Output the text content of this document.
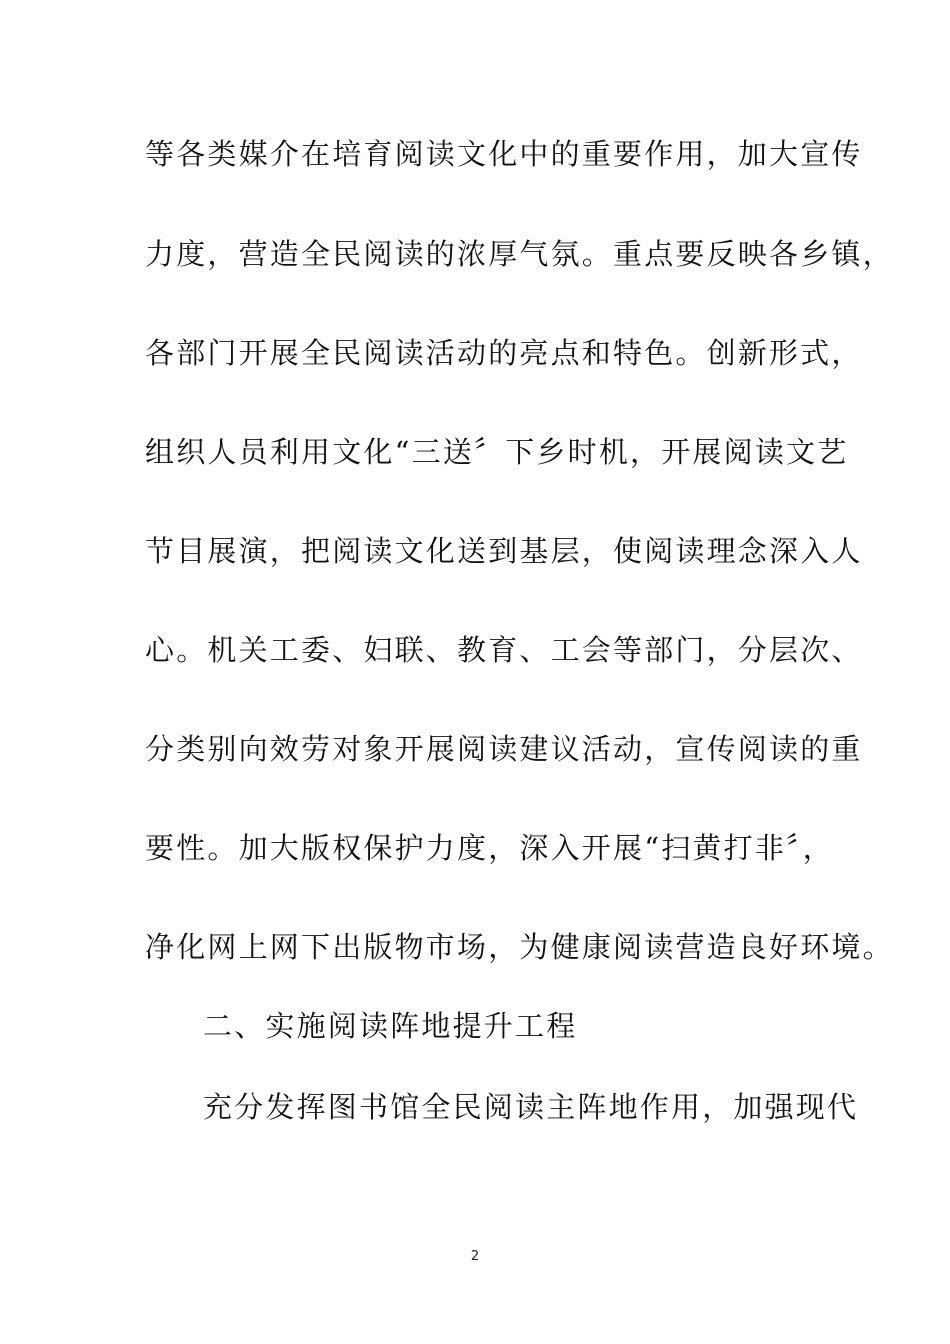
等各类媒介在培育阅读文化中的重要作用，加大宣传
力度，营造全民阅读的浓厚气氛。重点要反映各乡镇，
各部门开展全民阅读活动的亮点和特色。创新形式，
组织人员利用文化“三送〞下乡时机，开展阅读文艺
节目展演，把阅读文化送到基层，使阅读理念深入人
心。机关工委、妇联、教育、工会等部门，分层次、
分类别向效劳对象开展阅读建议活动，宣传阅读的重
要性。加大版权保护力度，深入开展“扫黄打非〞，
净化网上网下出版物市场，为健康阅读营造良好环境。
二、实施阅读阵地提升工程
充分发挥图书馆全民阅读主阵地作用，加强现代
2
